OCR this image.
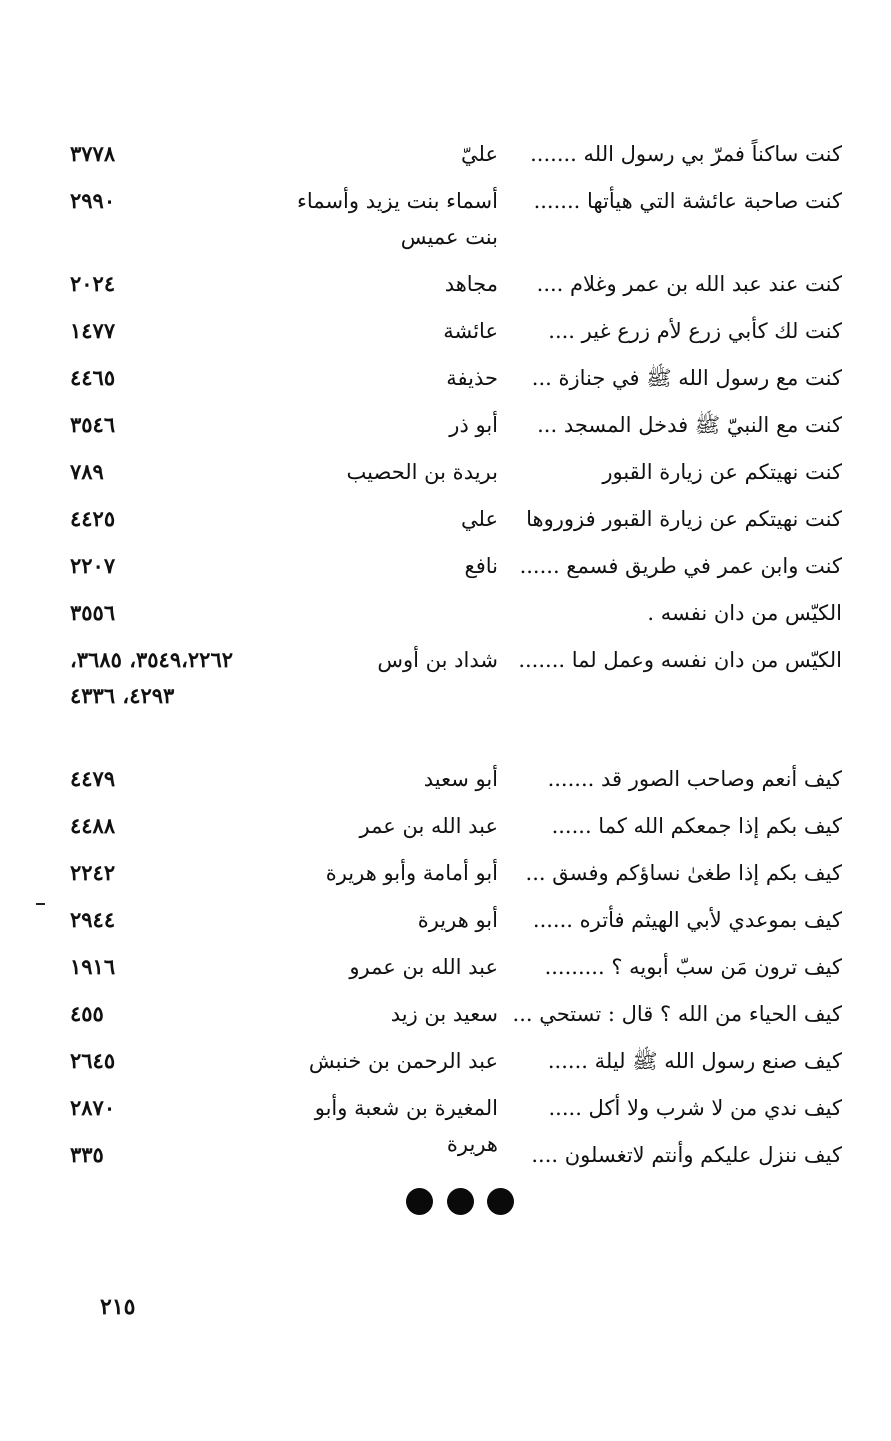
كنت ساكناً فمرّ بي رسول الله .......
عليّ
٣٧٧٨
كنت صاحبة عائشة التي هيأتها .......
أسماء بنت يزيد وأسماء بنت عميس
٢٩٩٠
كنت عند عبد الله بن عمر وغلام ....
مجاهد
٢٠٢٤
كنت لك كأبي زرع لأم زرع غير ....
عائشة
١٤٧٧
كنت مع رسول الله ﷺ في جنازة ...
حذيفة
٤٤٦٥
كنت مع النبيّ ﷺ فدخل المسجد ...
أبو ذر
٣٥٤٦
كنت نهيتكم عن زيارة القبور
بريدة بن الحصيب
٧٨٩
كنت نهيتكم عن زيارة القبور فزوروها
علي
٤٤٢٥
كنت وابن عمر في طريق فسمع ......
نافع
٢٢٠٧
الكيّس من دان نفسه .
٣٥٥٦
الكيّس من دان نفسه وعمل لما .......
شداد بن أوس
٣٥٤٩،٢٢٦٢، ٣٦٨٥، ٤٢٩٣، ٤٣٣٦
كيف أنعم وصاحب الصور قد .......
أبو سعيد
٤٤٧٩
كيف بكم إذا جمعكم الله كما ......
عبد الله بن عمر
٤٤٨٨
كيف بكم إذا طغىٰ نساؤكم وفسق ...
أبو أمامة وأبو هريرة
٢٢٤٢
كيف بموعدي لأبي الهيثم فأتره ......
أبو هريرة
٢٩٤٤
كيف ترون مَن سبّ أبويه ؟ .........
عبد الله بن عمرو
١٩١٦
كيف الحياء من الله ؟ قال : تستحي ...
سعيد بن زيد
٤٥٥
كيف صنع رسول الله ﷺ ليلة ......
عبد الرحمن بن خنبش
٢٦٤٥
كيف ندي من لا شرب ولا أكل .....
المغيرة بن شعبة وأبو هريرة
٢٨٧٠
كيف ننزل عليكم وأنتم لاتغسلون ....
٣٣٥
٢١٥
